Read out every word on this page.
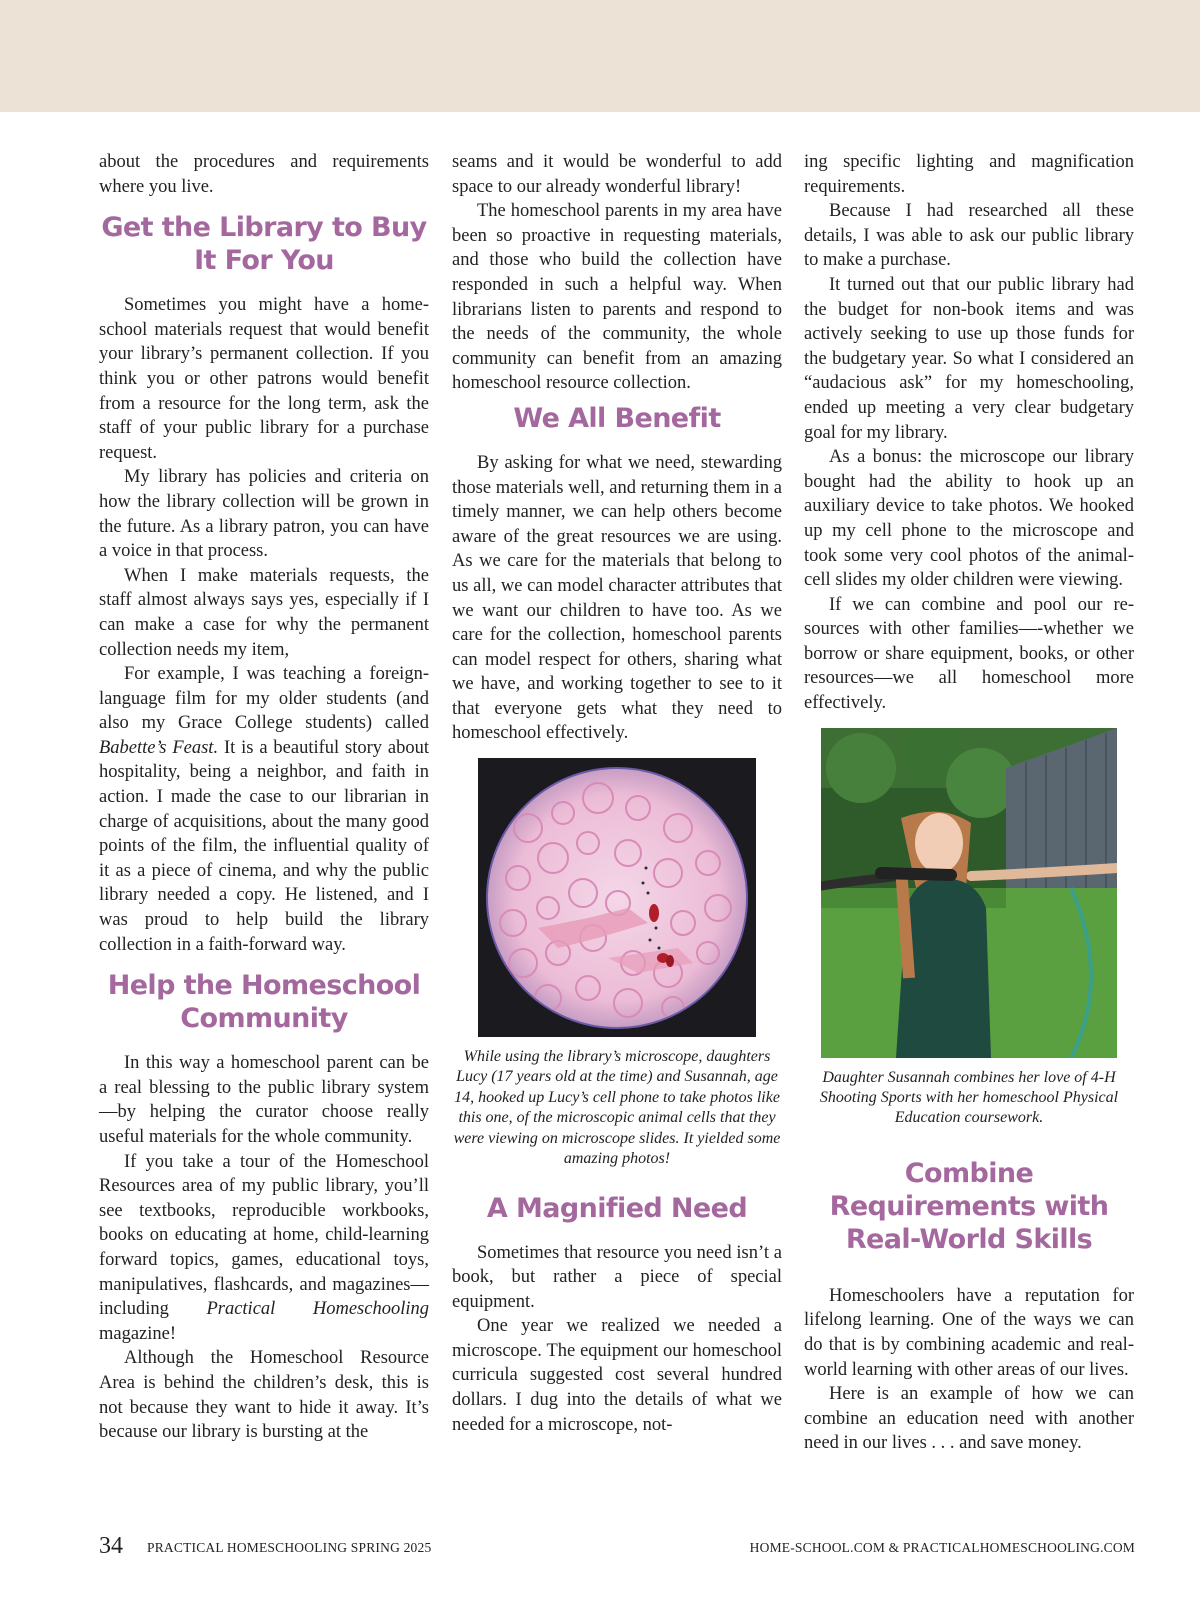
about the procedures and requirements where you live.

Get the Library to Buy It For You

Sometimes you might have a homeschool materials request that would benefit your library’s permanent collection. If you think you or other patrons would benefit from a resource for the long term, ask the staff of your public library for a purchase request.

My library has policies and criteria on how the library collection will be grown in the future. As a library patron, you can have a voice in that process.

When I make materials requests, the staff almost always says yes, especially if I can make a case for why the permanent collection needs my item,

For example, I was teaching a foreign-language film for my older students (and also my Grace College students) called Babette’s Feast. It is a beautiful story about hospitality, being a neighbor, and faith in action. I made the case to our librarian in charge of acquisitions, about the many good points of the film, the influential quality of it as a piece of cinema, and why the public library needed a copy. He listened, and I was proud to help build the library collection in a faith-forward way.

Help the Homeschool Community

In this way a homeschool parent can be a real blessing to the public library system—by helping the curator choose really useful materials for the whole community.

If you take a tour of the Homeschool Resources area of my public library, you’ll see textbooks, reproducible workbooks, books on educating at home, child-learning forward topics, games, educational toys, manipulatives, flashcards, and magazines—including Practical Homeschooling magazine!

Although the Homeschool Resource Area is behind the children’s desk, this is not because they want to hide it away. It’s because our library is bursting at the

seams and it would be wonderful to add space to our already wonderful library!

The homeschool parents in my area have been so proactive in requesting materials, and those who build the collection have responded in such a helpful way. When librarians listen to parents and respond to the needs of the community, the whole community can benefit from an amazing homeschool resource collection.

We All Benefit

By asking for what we need, stewarding those materials well, and returning them in a timely manner, we can help others become aware of the great resources we are using. As we care for the materials that belong to us all, we can model character attributes that we want our children to have too. As we care for the collection, homeschool parents can model respect for others, sharing what we have, and working together to see to it that everyone gets what they need to homeschool effectively.

While using the library’s microscope, daughters Lucy (17 years old at the time) and Susannah, age 14, hooked up Lucy’s cell phone to take photos like this one, of the microscopic animal cells that they were viewing on microscope slides. It yielded some amazing photos!

A Magnified Need

Sometimes that resource you need isn’t a book, but rather a piece of special equipment.

One year we realized we needed a microscope. The equipment our homeschool curricula suggested cost several hundred dollars. I dug into the details of what we needed for a microscope, not-

ing specific lighting and magnification requirements.

Because I had researched all these details, I was able to ask our public library to make a purchase.

It turned out that our public library had the budget for non-book items and was actively seeking to use up those funds for the budgetary year. So what I considered an “audacious ask” for my homeschooling, ended up meeting a very clear budgetary goal for my library.

As a bonus: the microscope our library bought had the ability to hook up an auxiliary device to take photos. We hooked up my cell phone to the microscope and took some very cool photos of the animal-cell slides my older children were viewing.

If we can combine and pool our resources with other families—-whether we borrow or share equipment, books, or other resources—we all homeschool more effectively.

Daughter Susannah combines her love of 4-H Shooting Sports with her homeschool Physical Education coursework.

Combine Requirements with Real-World Skills

Homeschoolers have a reputation for lifelong learning. One of the ways we can do that is by combining academic and real-world learning with other areas of our lives.

Here is an example of how we can combine an education need with another need in our lives . . . and save money.

34 PRACTICAL HOMESCHOOLING SPRING 2025	HOME-SCHOOL.COM & PRACTICALHOMESCHOOLING.COM
